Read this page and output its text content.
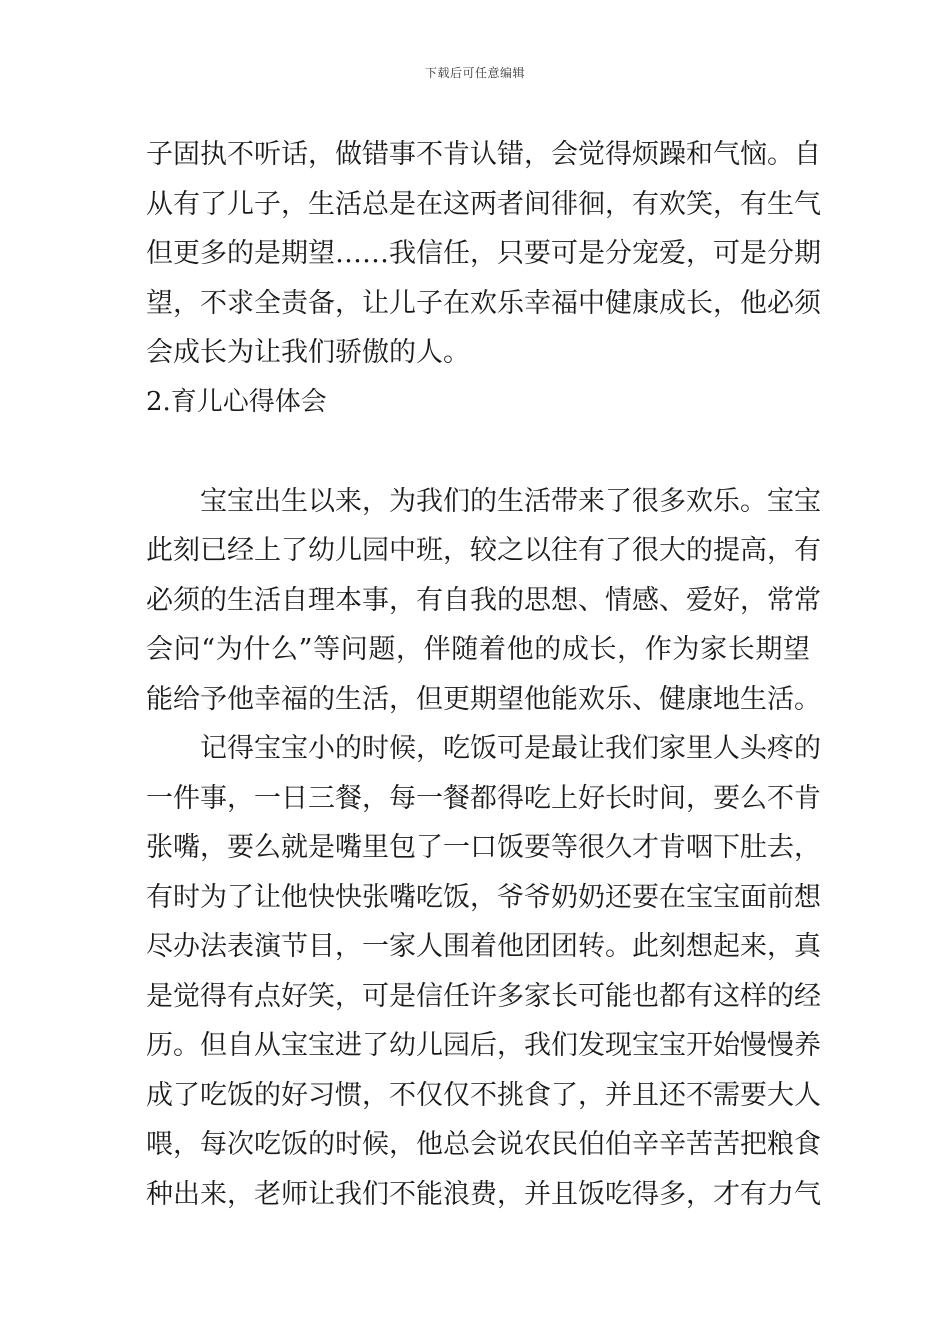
下载后可任意编辑
子固执不听话，做错事不肯认错，会觉得烦躁和气恼。自
从有了儿子，生活总是在这两者间徘徊，有欢笑，有生气
但更多的是期望……我信任，只要可是分宠爱，可是分期
望，不求全责备，让儿子在欢乐幸福中健康成长，他必须
会成长为让我们骄傲的人。
2.育儿心得体会
宝宝出生以来，为我们的生活带来了很多欢乐。宝宝
此刻已经上了幼儿园中班，较之以往有了很大的提高，有
必须的生活自理本事，有自我的思想、情感、爱好，常常
会问“为什么”等问题，伴随着他的成长，作为家长期望
能给予他幸福的生活，但更期望他能欢乐、健康地生活。
记得宝宝小的时候，吃饭可是最让我们家里人头疼的
一件事，一日三餐，每一餐都得吃上好长时间，要么不肯
张嘴，要么就是嘴里包了一口饭要等很久才肯咽下肚去，
有时为了让他快快张嘴吃饭，爷爷奶奶还要在宝宝面前想
尽办法表演节目，一家人围着他团团转。此刻想起来，真
是觉得有点好笑，可是信任许多家长可能也都有这样的经
历。但自从宝宝进了幼儿园后，我们发现宝宝开始慢慢养
成了吃饭的好习惯，不仅仅不挑食了，并且还不需要大人
喂，每次吃饭的时候，他总会说农民伯伯辛辛苦苦把粮食
种出来，老师让我们不能浪费，并且饭吃得多，才有力气
